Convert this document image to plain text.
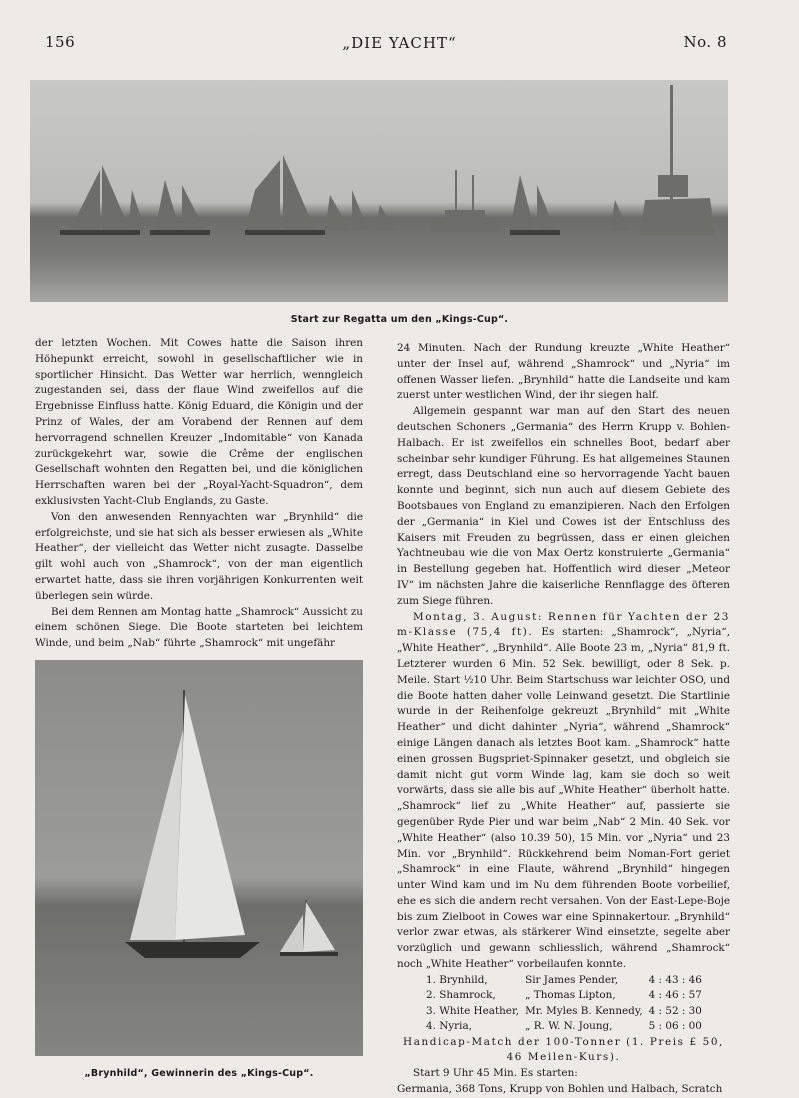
156	„DIE YACHT“	No. 8
Start zur Regatta um den „Kings-Cup“.

der letzten Wochen. Mit Cowes hatte die Saison ihren Höhepunkt erreicht, sowohl in gesellschaftlicher wie in sportlicher Hinsicht. Das Wetter war herrlich, wenngleich zugestanden sei, dass der flaue Wind zweifellos auf die Ergebnisse Einfluss hatte. König Eduard, die Königin und der Prinz of Wales, der am Vorabend der Rennen auf dem hervorragend schnellen Kreuzer „Indomitable“ von Kanada zurückgekehrt war, sowie die Crême der englischen Gesellschaft wohnten den Regatten bei, und die königlichen Herrschaften waren bei der „Royal-Yacht-Squadron“, dem exklusivsten Yacht-Club Englands, zu Gaste.

Von den anwesenden Rennyachten war „Brynhild“ die erfolgreichste, und sie hat sich als besser erwiesen als „White Heather“, der vielleicht das Wetter nicht zusagte. Dasselbe gilt wohl auch von „Shamrock“, von der man eigentlich erwartet hatte, dass sie ihren vorjährigen Konkurrenten weit überlegen sein würde.

Bei dem Rennen am Montag hatte „Shamrock“ Aussicht zu einem schönen Siege. Die Boote starteten bei leichtem Winde, und beim „Nab“ führte „Shamrock“ mit ungefähr

„Brynhild“, Gewinnerin des „Kings-Cup“.

24 Minuten. Nach der Rundung kreuzte „White Heather“ unter der Insel auf, während „Shamrock“ und „Nyria“ im offenen Wasser liefen. „Brynhild“ hatte die Landseite und kam zuerst unter westlichen Wind, der ihr siegen half.

Allgemein gespannt war man auf den Start des neuen deutschen Schoners „Germania“ des Herrn Krupp v. Bohlen-Halbach. Er ist zweifellos ein schnelles Boot, bedarf aber scheinbar sehr kundiger Führung. Es hat allgemeines Staunen erregt, dass Deutschland eine so hervorragende Yacht bauen konnte und beginnt, sich nun auch auf diesem Gebiete des Bootsbaues von England zu emanzipieren. Nach den Erfolgen der „Germania“ in Kiel und Cowes ist der Entschluss des Kaisers mit Freuden zu begrüssen, dass er einen gleichen Yachtneubau wie die von Max Oertz konstruierte „Germania“ in Bestellung gegeben hat. Hoffentlich wird dieser „Meteor IV“ im nächsten Jahre die kaiserliche Rennflagge des öfteren zum Siege führen.

Montag, 3. August: Rennen für Yachten der 23 m-Klasse (75,4 ft). Es starten: „Shamrock“, „Nyria“, „White Heather“, „Brynhild“. Alle Boote 23 m, „Nyria“ 81,9 ft. Letzterer wurden 6 Min. 52 Sek. bewilligt, oder 8 Sek. p. Meile. Start ½10 Uhr. Beim Startschuss war leichter OSO, und die Boote hatten daher volle Leinwand gesetzt. Die Startlinie wurde in der Reihenfolge gekreuzt „Brynhild“ mit „White Heather“ und dicht dahinter „Nyria“, während „Shamrock“ einige Längen danach als letztes Boot kam. „Shamrock“ hatte einen grossen Bugspriet-Spinnaker gesetzt, und obgleich sie damit nicht gut vorm Winde lag, kam sie doch so weit vorwärts, dass sie alle bis auf „White Heather“ überholt hatte. „Shamrock“ lief zu „White Heather“ auf, passierte sie gegenüber Ryde Pier und war beim „Nab“ 2 Min. 40 Sek. vor „White Heather“ (also 10.39 50), 15 Min. vor „Nyria“ und 23 Min. vor „Brynhild“. Rückkehrend beim Noman-Fort geriet „Shamrock“ in eine Flaute, während „Brynhild“ hingegen unter Wind kam und im Nu dem führenden Boote vorbeilief, ehe es sich die andern recht versahen. Von der East-Lepe-Boje bis zum Zielboot in Cowes war eine Spinnakertour. „Brynhild“ verlor zwar etwas, als stärkerer Wind einsetzte, segelte aber vorzüglich und gewann schliesslich, während „Shamrock“ noch „White Heather“ vorbeilaufen konnte.

1. Brynhild,	Sir James Pender,	4 : 43 : 46
2. Shamrock,	„ Thomas Lipton,	4 : 46 : 57
3. White Heather,	Mr. Myles B. Kennedy,	4 : 52 : 30
4. Nyria,	„ R. W. N. Joung,	5 : 06 : 00

Handicap-Match der 100-Tonner (1. Preis £ 50, 46 Meilen-Kurs).

Start 9 Uhr 45 Min. Es starten:

Germania, 368 Tons, Krupp von Bohlen und Halbach, Scratch
